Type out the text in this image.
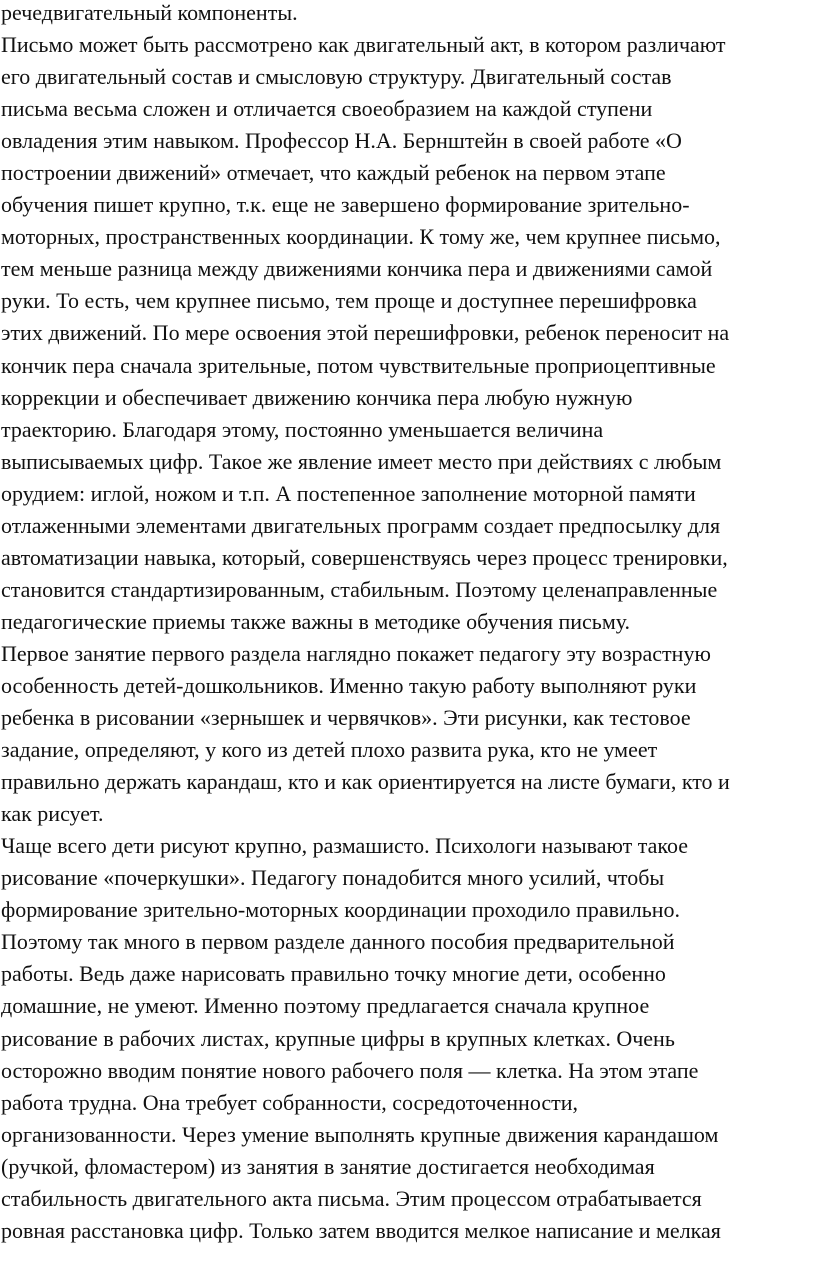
речедвигательный компоненты.
Письмо может быть рассмотрено как двигательный акт, в котором различают
его двигательный состав и смысловую структуру. Двигательный состав
письма весьма сложен и отличается своеобразием на каждой ступени
овладения этим навыком. Профессор Н.А. Бернштейн в своей работе «О
построении движений» отмечает, что каждый ребенок на первом этапе
обучения пишет крупно, т.к. еще не завершено формирование зрительно-
моторных, пространственных координации. К тому же, чем крупнее письмо,
тем меньше разница между движениями кончика пера и движениями самой
руки. То есть, чем крупнее письмо, тем проще и доступнее перешифровка
этих движений. По мере освоения этой перешифровки, ребенок переносит на
кончик пера сначала зрительные, потом чувствительные проприоцептивные
коррекции и обеспечивает движению кончика пера любую нужную
траекторию. Благодаря этому, постоянно уменьшается величина
выписываемых цифр. Такое же явление имеет место при действиях с любым
орудием: иглой, ножом и т.п. А постепенное заполнение моторной памяти
отлаженными элементами двигательных программ создает предпосылку для
автоматизации навыка, который, совершенствуясь через процесс тренировки,
становится стандартизированным, стабильным. Поэтому целенаправленные
педагогические приемы также важны в методике обучения письму.
Первое занятие первого раздела наглядно покажет педагогу эту возрастную
особенность детей-дошкольников. Именно такую работу выполняют руки
ребенка в рисовании «зернышек и червячков». Эти рисунки, как тестовое
задание, определяют, у кого из детей плохо развита рука, кто не умеет
правильно держать карандаш, кто и как ориентируется на листе бумаги, кто и
как рисует.
Чаще всего дети рисуют крупно, размашисто. Психологи называют такое
рисование «почеркушки». Педагогу понадобится много усилий, чтобы
формирование зрительно-моторных координации проходило правильно.
Поэтому так много в первом разделе данного пособия предварительной
работы. Ведь даже нарисовать правильно точку многие дети, особенно
домашние, не умеют. Именно поэтому предлагается сначала крупное
рисование в рабочих листах, крупные цифры в крупных клетках. Очень
осторожно вводим понятие нового рабочего поля — клетка. На этом этапе
работа трудна. Она требует собранности, сосредоточенности,
организованности. Через умение выполнять крупные движения карандашом
(ручкой, фломастером) из занятия в занятие достигается необходимая
стабильность двигательного акта письма. Этим процессом отрабатывается
ровная расстановка цифр. Только затем вводится мелкое написание и мелкая
